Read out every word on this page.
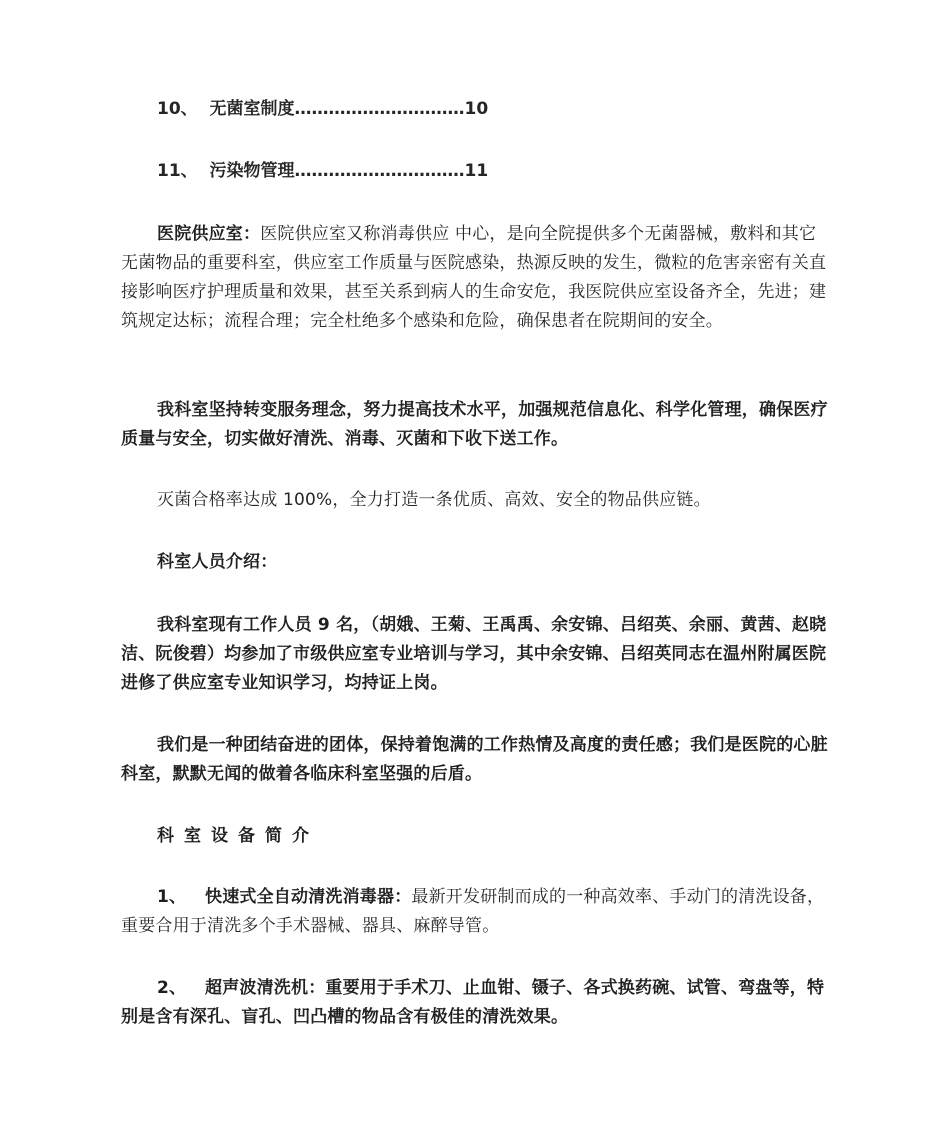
10、 无菌室制度…………………………10
11、 污染物管理…………………………11

医院供应室：医院供应室又称消毒供应 中心，是向全院提供多个无菌器械，敷料和其它无菌物品的重要科室，供应室工作质量与医院感染，热源反映的发生，微粒的危害亲密有关直接影响医疗护理质量和效果，甚至关系到病人的生命安危，我医院供应室设备齐全，先进；建筑规定达标；流程合理；完全杜绝多个感染和危险，确保患者在院期间的安全。

我科室坚持转变服务理念，努力提高技术水平，加强规范信息化、科学化管理，确保医疗质量与安全，切实做好清洗、消毒、灭菌和下收下送工作。

灭菌合格率达成 100%，全力打造一条优质、高效、安全的物品供应链。

科室人员介绍：

我科室现有工作人员 9 名，（胡娥、王菊、王禹禹、余安锦、吕绍英、余丽、黄茜、赵晓洁、阮俊碧）均参加了市级供应室专业培训与学习，其中余安锦、吕绍英同志在温州附属医院进修了供应室专业知识学习，均持证上岗。

我们是一种团结奋进的团体，保持着饱满的工作热情及高度的责任感；我们是医院的心脏科室，默默无闻的做着各临床科室坚强的后盾。

科室设备简介

1、 快速式全自动清洗消毒器：最新开发研制而成的一种高效率、手动门的清洗设备，重要合用于清洗多个手术器械、器具、麻醉导管。

2、 超声波清洗机：重要用于手术刀、止血钳、镊子、各式换药碗、试管、弯盘等，特别是含有深孔、盲孔、凹凸槽的物品含有极佳的清洗效果。
